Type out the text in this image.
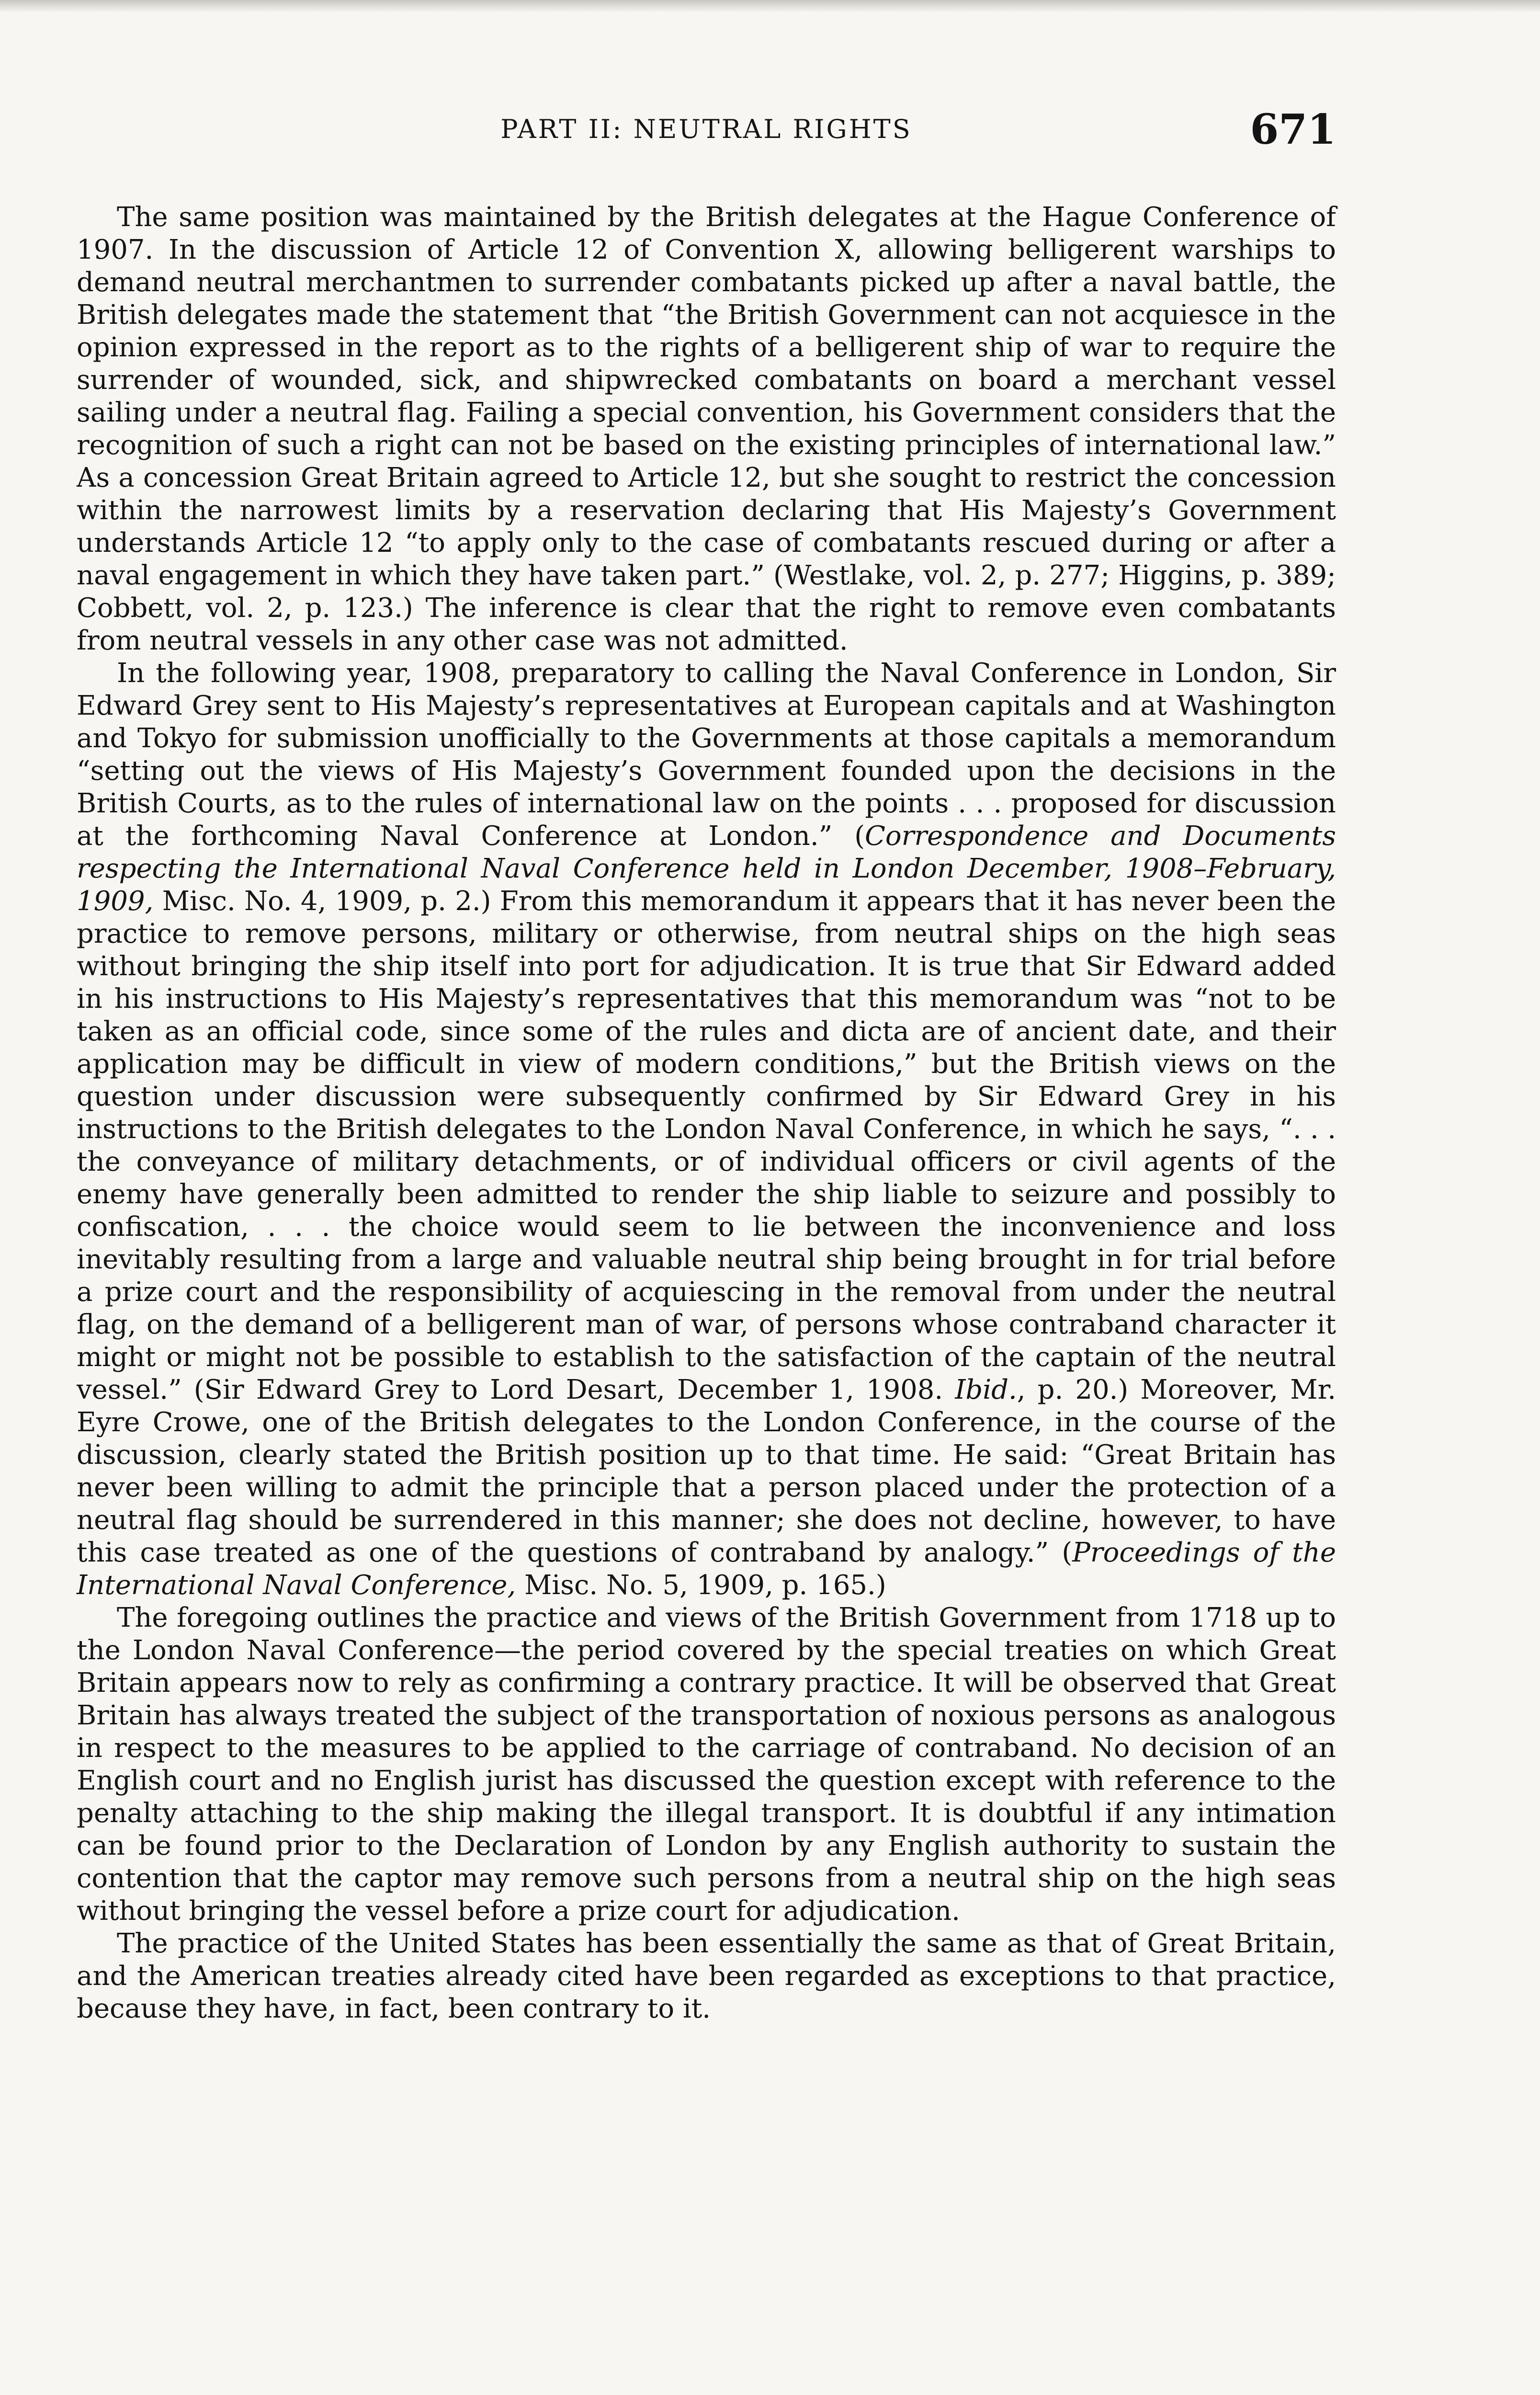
PART II: NEUTRAL RIGHTS	671

The same position was maintained by the British delegates at the Hague Conference of 1907. In the discussion of Article 12 of Convention X, allowing belligerent warships to demand neutral merchantmen to surrender combatants picked up after a naval battle, the British delegates made the statement that “the British Government can not acquiesce in the opinion expressed in the report as to the rights of a belligerent ship of war to require the surrender of wounded, sick, and shipwrecked combatants on board a merchant vessel sailing under a neutral flag. Failing a special convention, his Government considers that the recognition of such a right can not be based on the existing principles of international law.” As a concession Great Britain agreed to Article 12, but she sought to restrict the concession within the narrowest limits by a reservation declaring that His Majesty’s Government understands Article 12 “to apply only to the case of combatants rescued during or after a naval engagement in which they have taken part.” (Westlake, vol. 2, p. 277; Higgins, p. 389; Cobbett, vol. 2, p. 123.) The inference is clear that the right to remove even combatants from neutral vessels in any other case was not admitted.

In the following year, 1908, preparatory to calling the Naval Conference in London, Sir Edward Grey sent to His Majesty’s representatives at European capitals and at Washington and Tokyo for submission unofficially to the Governments at those capitals a memorandum “setting out the views of His Majesty’s Government founded upon the decisions in the British Courts, as to the rules of international law on the points . . . proposed for discussion at the forthcoming Naval Conference at London.” (Correspondence and Documents respecting the International Naval Conference held in London December, 1908–February, 1909, Misc. No. 4, 1909, p. 2.) From this memorandum it appears that it has never been the practice to remove persons, military or otherwise, from neutral ships on the high seas without bringing the ship itself into port for adjudication. It is true that Sir Edward added in his instructions to His Majesty’s representatives that this memorandum was “not to be taken as an official code, since some of the rules and dicta are of ancient date, and their application may be difficult in view of modern conditions,” but the British views on the question under discussion were subsequently confirmed by Sir Edward Grey in his instructions to the British delegates to the London Naval Conference, in which he says, “. . . the conveyance of military detachments, or of individual officers or civil agents of the enemy have generally been admitted to render the ship liable to seizure and possibly to confiscation, . . . the choice would seem to lie between the inconvenience and loss inevitably resulting from a large and valuable neutral ship being brought in for trial before a prize court and the responsibility of acquiescing in the removal from under the neutral flag, on the demand of a belligerent man of war, of persons whose contraband character it might or might not be possible to establish to the satisfaction of the captain of the neutral vessel.” (Sir Edward Grey to Lord Desart, December 1, 1908. Ibid., p. 20.) Moreover, Mr. Eyre Crowe, one of the British delegates to the London Conference, in the course of the discussion, clearly stated the British position up to that time. He said: “Great Britain has never been willing to admit the principle that a person placed under the protection of a neutral flag should be surrendered in this manner; she does not decline, however, to have this case treated as one of the questions of contraband by analogy.” (Proceedings of the International Naval Conference, Misc. No. 5, 1909, p. 165.)

The foregoing outlines the practice and views of the British Government from 1718 up to the London Naval Conference—the period covered by the special treaties on which Great Britain appears now to rely as confirming a contrary practice. It will be observed that Great Britain has always treated the subject of the transportation of noxious persons as analogous in respect to the measures to be applied to the carriage of contraband. No decision of an English court and no English jurist has discussed the question except with reference to the penalty attaching to the ship making the illegal transport. It is doubtful if any intimation can be found prior to the Declaration of London by any English authority to sustain the contention that the captor may remove such persons from a neutral ship on the high seas without bringing the vessel before a prize court for adjudication.

The practice of the United States has been essentially the same as that of Great Britain, and the American treaties already cited have been regarded as exceptions to that practice, because they have, in fact, been contrary to it.
